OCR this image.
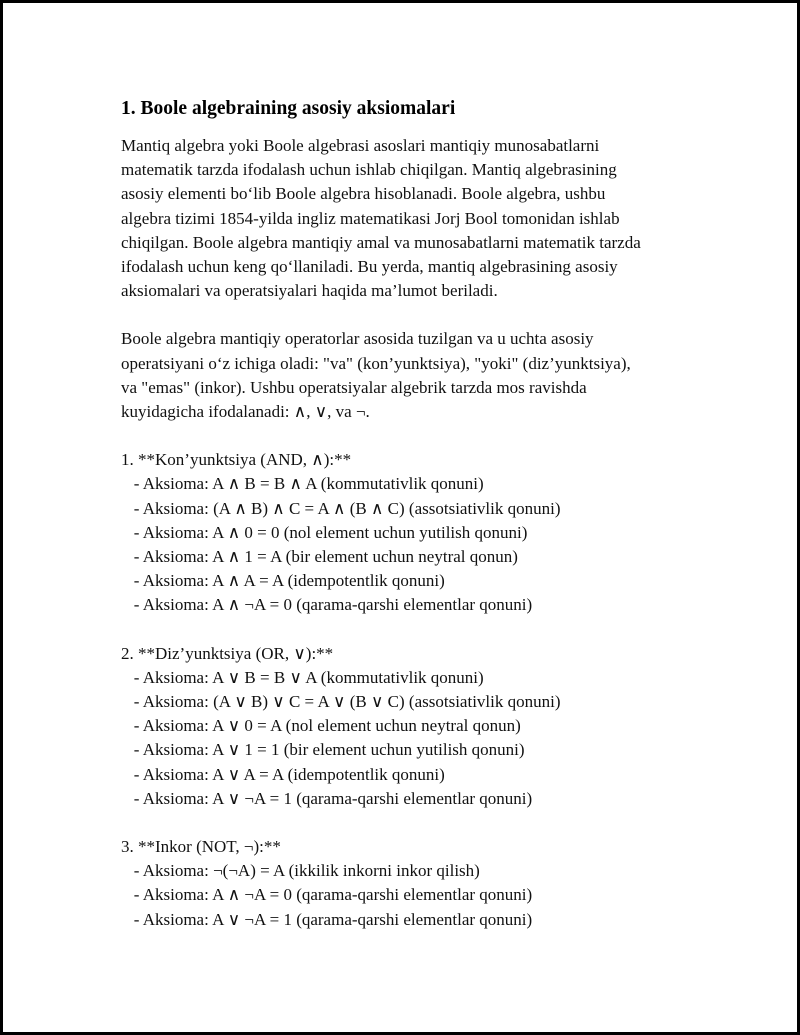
1. Boole algebraining asosiy aksiomalari
Mantiq algebra yoki Boole algebrasi asoslari mantiqiy munosabatlarni
matematik tarzda ifodalash uchun ishlab chiqilgan. Mantiq algebrasining
asosiy elementi bo‘lib Boole algebra hisoblanadi. Boole algebra, ushbu
algebra tizimi 1854-yilda ingliz matematikasi Jorj Bool tomonidan ishlab
chiqilgan. Boole algebra mantiqiy amal va munosabatlarni matematik tarzda
ifodalash uchun keng qo‘llaniladi. Bu yerda, mantiq algebrasining asosiy
aksiomalari va operatsiyalari haqida ma’lumot beriladi.
Boole algebra mantiqiy operatorlar asosida tuzilgan va u uchta asosiy
operatsiyani o‘z ichiga oladi: "va" (kon’yunktsiya), "yoki" (diz’yunktsiya),
va "emas" (inkor). Ushbu operatsiyalar algebrik tarzda mos ravishda
kuyidagicha ifodalanadi: ∧, ∨, va ¬.
1. **Kon’yunktsiya (AND, ∧):**
- Aksioma: A ∧ B = B ∧ A (kommutativlik qonuni)
- Aksioma: (A ∧ B) ∧ C = A ∧ (B ∧ C) (assotsiativlik qonuni)
- Aksioma: A ∧ 0 = 0 (nol element uchun yutilish qonuni)
- Aksioma: A ∧ 1 = A (bir element uchun neytral qonun)
- Aksioma: A ∧ A = A (idempotentlik qonuni)
- Aksioma: A ∧ ¬A = 0 (qarama-qarshi elementlar qonuni)
2. **Diz’yunktsiya (OR, ∨):**
- Aksioma: A ∨ B = B ∨ A (kommutativlik qonuni)
- Aksioma: (A ∨ B) ∨ C = A ∨ (B ∨ C) (assotsiativlik qonuni)
- Aksioma: A ∨ 0 = A (nol element uchun neytral qonun)
- Aksioma: A ∨ 1 = 1 (bir element uchun yutilish qonuni)
- Aksioma: A ∨ A = A (idempotentlik qonuni)
- Aksioma: A ∨ ¬A = 1 (qarama-qarshi elementlar qonuni)
3. **Inkor (NOT, ¬):**
- Aksioma: ¬(¬A) = A (ikkilik inkorni inkor qilish)
- Aksioma: A ∧ ¬A = 0 (qarama-qarshi elementlar qonuni)
- Aksioma: A ∨ ¬A = 1 (qarama-qarshi elementlar qonuni)
